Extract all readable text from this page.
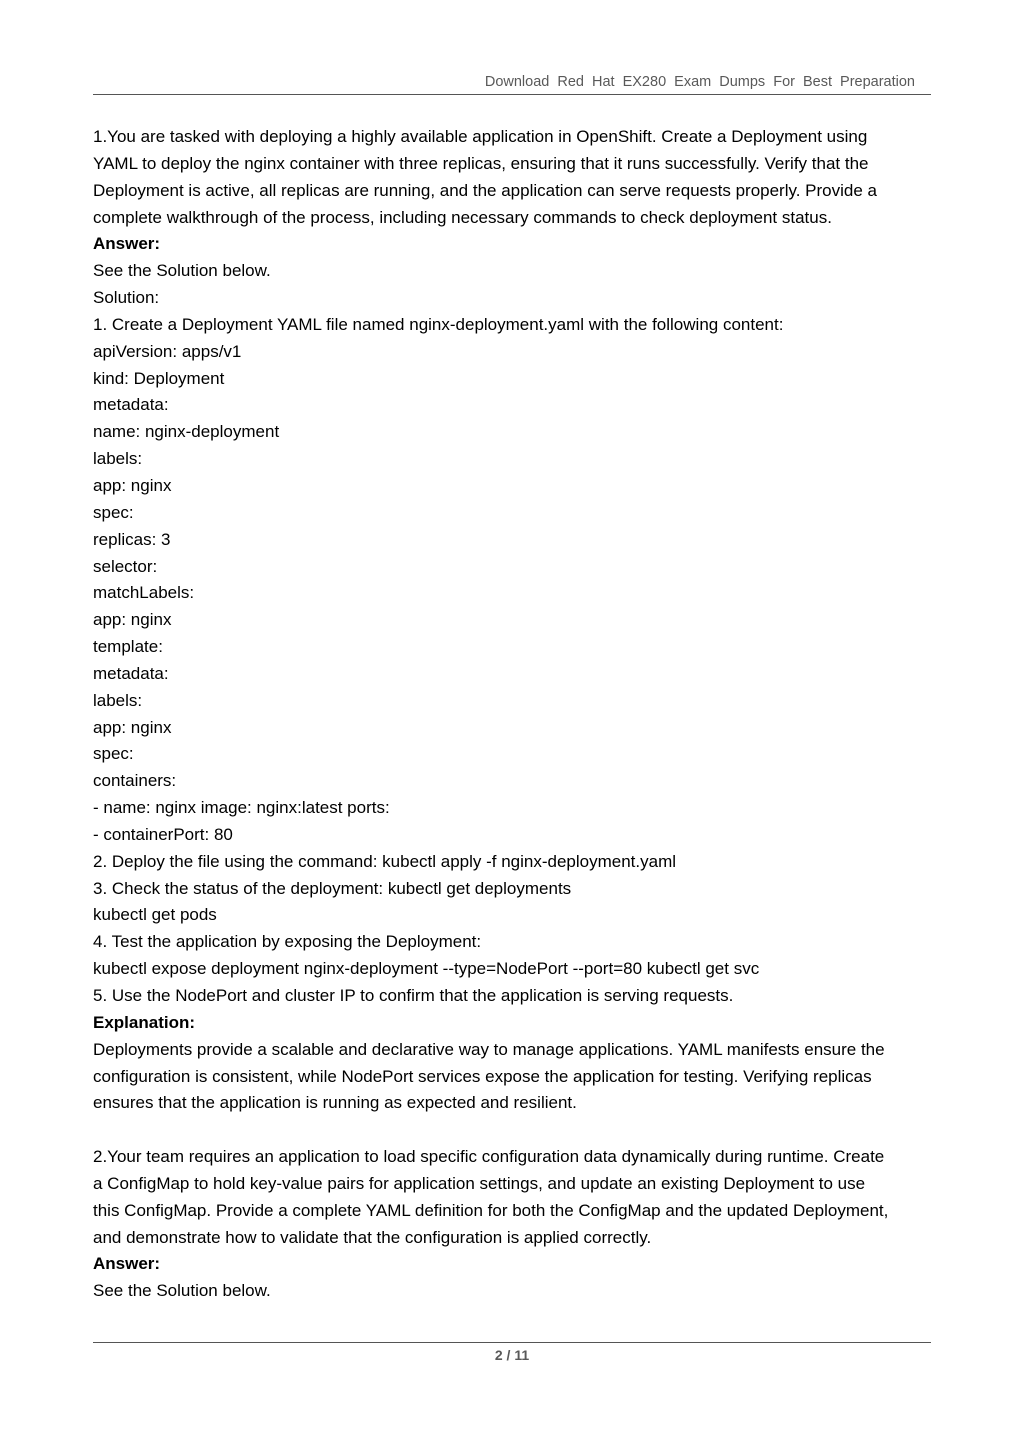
Download Red Hat EX280 Exam Dumps For Best Preparation
1.You are tasked with deploying a highly available application in OpenShift. Create a Deployment using
YAML to deploy the nginx container with three replicas, ensuring that it runs successfully. Verify that the
Deployment is active, all replicas are running, and the application can serve requests properly. Provide a
complete walkthrough of the process, including necessary commands to check deployment status.
Answer:
See the Solution below.
Solution:
1. Create a Deployment YAML file named nginx-deployment.yaml with the following content:
apiVersion: apps/v1
kind: Deployment
metadata:
name: nginx-deployment
labels:
app: nginx
spec:
replicas: 3
selector:
matchLabels:
app: nginx
template:
metadata:
labels:
app: nginx
spec:
containers:
- name: nginx image: nginx:latest ports:
- containerPort: 80
2. Deploy the file using the command: kubectl apply -f nginx-deployment.yaml
3. Check the status of the deployment: kubectl get deployments
kubectl get pods
4. Test the application by exposing the Deployment:
kubectl expose deployment nginx-deployment --type=NodePort --port=80 kubectl get svc
5. Use the NodePort and cluster IP to confirm that the application is serving requests.
Explanation:
Deployments provide a scalable and declarative way to manage applications. YAML manifests ensure the
configuration is consistent, while NodePort services expose the application for testing. Verifying replicas
ensures that the application is running as expected and resilient.
2.Your team requires an application to load specific configuration data dynamically during runtime. Create
a ConfigMap to hold key-value pairs for application settings, and update an existing Deployment to use
this ConfigMap. Provide a complete YAML definition for both the ConfigMap and the updated Deployment,
and demonstrate how to validate that the configuration is applied correctly.
Answer:
See the Solution below.
2 / 11
